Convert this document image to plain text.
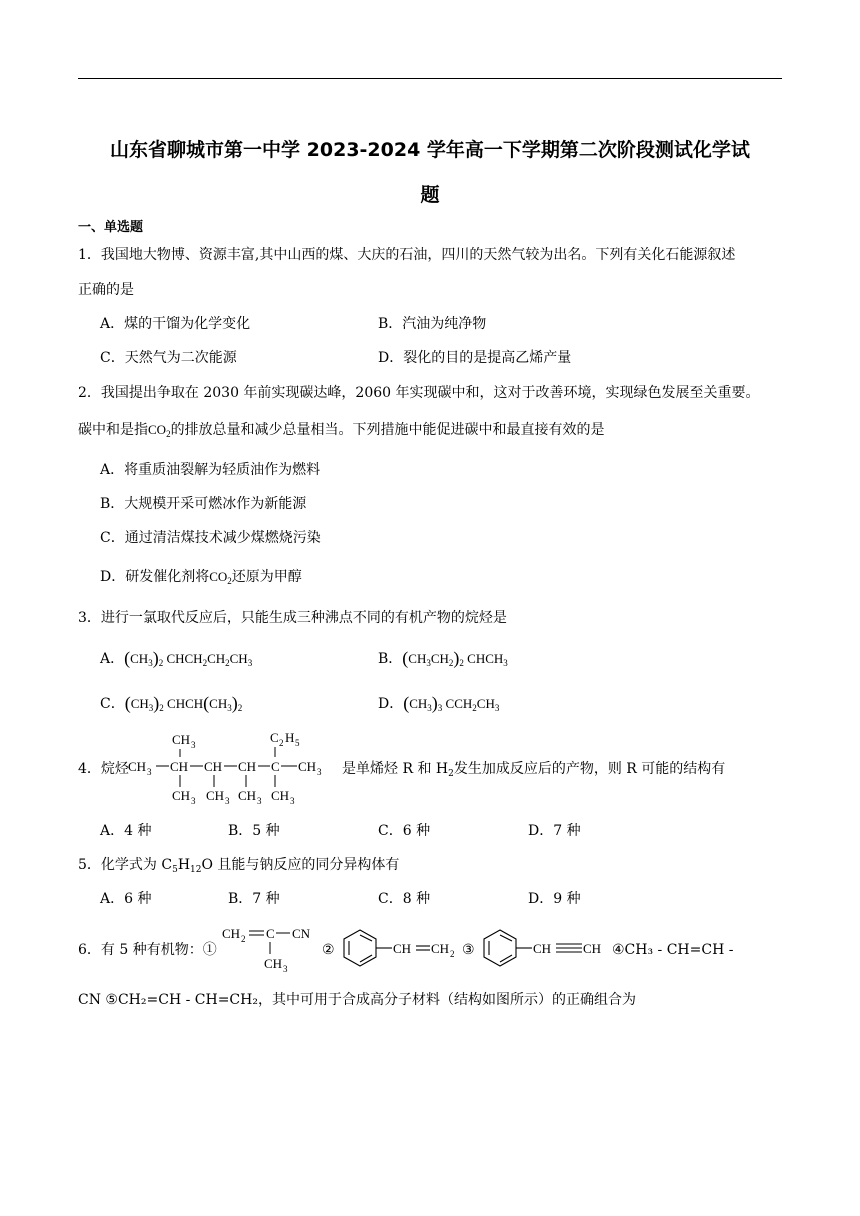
山东省聊城市第一中学 2023-2024 学年高一下学期第二次阶段测试化学试
题
一、单选题
1．我国地大物博、资源丰富,其中山西的煤、大庆的石油，四川的天然气较为出名。下列有关化石能源叙述
正确的是
A．煤的干馏为化学变化	B．汽油为纯净物
C．天然气为二次能源	D．裂化的目的是提高乙烯产量
2．我国提出争取在 2030 年前实现碳达峰，2060 年实现碳中和，这对于改善环境，实现绿色发展至关重要。
碳中和是指$CO_2$的排放总量和减少总量相当。下列措施中能促进碳中和最直接有效的是
A．将重质油裂解为轻质油作为燃料
B．大规模开采可燃冰作为新能源
C．通过清洁煤技术减少煤燃烧污染
D．研发催化剂将$CO_2$还原为甲醇
3．进行一氯取代反应后，只能生成三种沸点不同的有机产物的烷烃是
A．$(CH_3)_2$ $CHCH_2CH_2CH_3$	B．$(CH_3CH_2)_2$ $CHCH_3$
C．$(CH_3)_2$ $CHCH(CH_3)_2$	D．$(CH_3)_3$ $CCH_2CH_3$
4．烷烃 CH 3 CH CH CH C CH 3
CH 3	C 2 H 5
CH 3 CH 3 CH 3 CH 3
是单烯烃 R 和 $H_2$发生加成反应后的产物，则 R 可能的结构有
A．4 种	B．5 种	C．6 种	D．7 种
5．化学式为 $C_5H_{12}O$ 且能与钠反应的同分异构体有
A．6 种	B．7 种	C．8 种	D．9 种
6．有 5 种有机物：①
CH 2 C CN
CH 3
②	CH CH 2 ③	CH CH ④CH₃ - CH=CH -
CN ⑤CH₂=CH - CH=CH₂，其中可用于合成高分子材料（结构如图所示）的正确组合为
